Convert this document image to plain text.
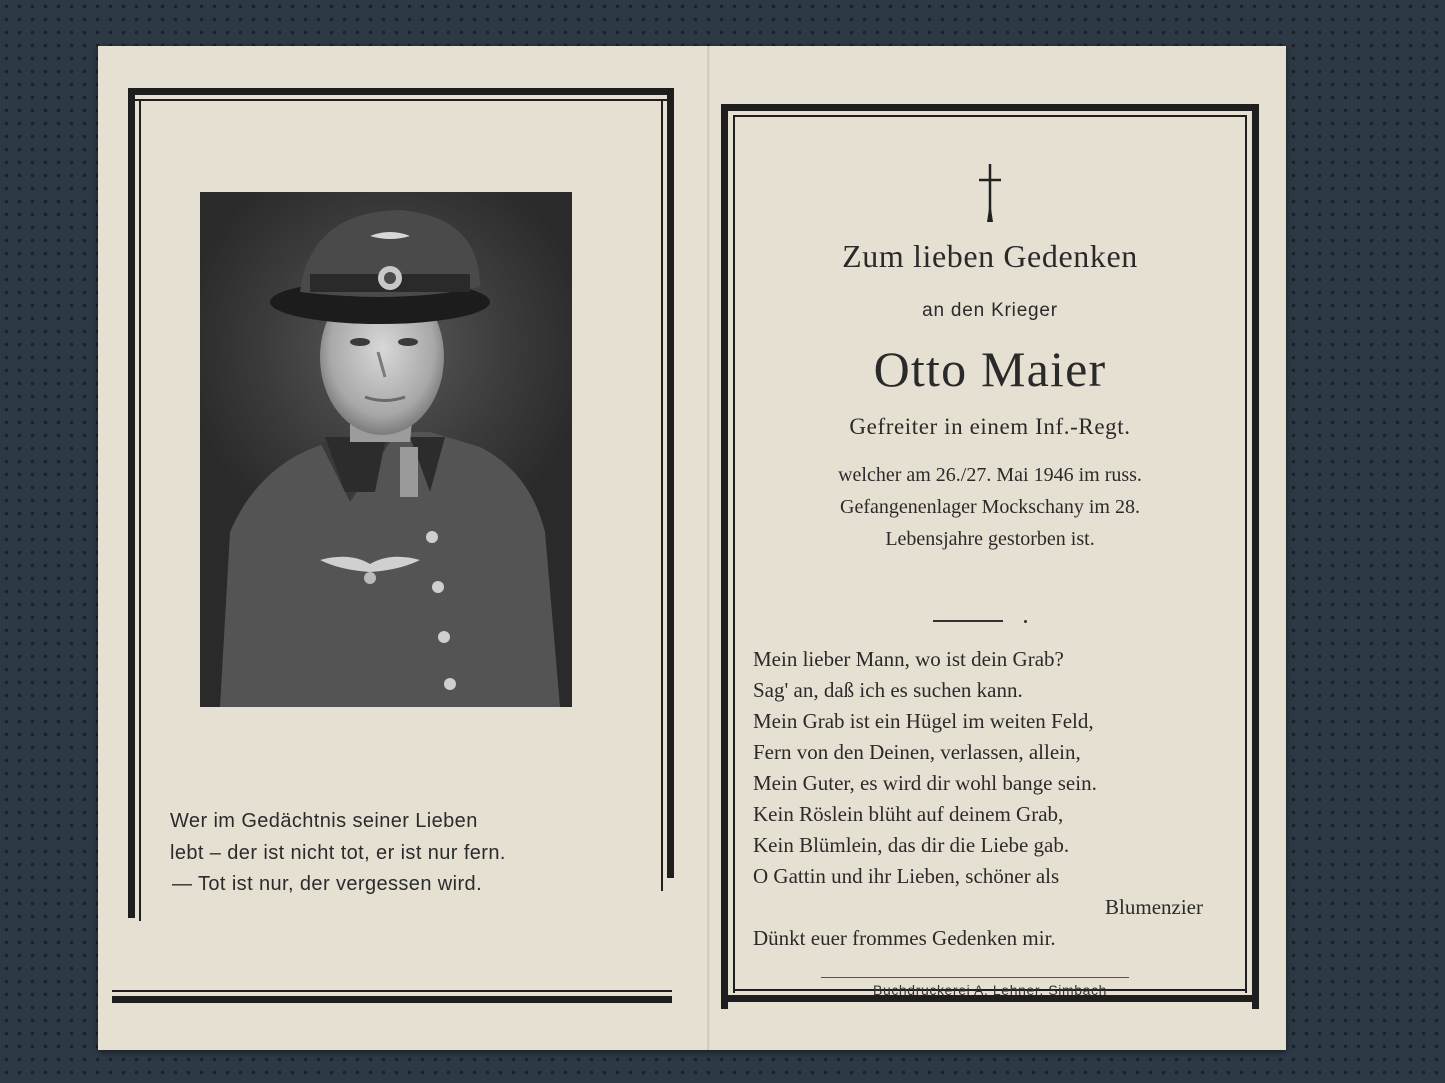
Wer im Gedächtnis seiner Lieben
lebt – der ist nicht tot, er ist nur fern.
— Tot ist nur, der vergessen wird.
Zum lieben Gedenken
an den Krieger
Otto Maier
Gefreiter in einem Inf.-Regt.
welcher am 26./27. Mai 1946 im russ.
Gefangenenlager Mockschany im 28.
Lebensjahre gestorben ist.
Mein lieber Mann, wo ist dein Grab?
Sag' an, daß ich es suchen kann.
Mein Grab ist ein Hügel im weiten Feld,
Fern von den Deinen, verlassen, allein,
Mein Guter, es wird dir wohl bange sein.
Kein Röslein blüht auf deinem Grab,
Kein Blümlein, das dir die Liebe gab.
O Gattin und ihr Lieben, schöner als
Blumenzier
Dünkt euer frommes Gedenken mir.
Buchdruckerei A. Lehner, Simbach
